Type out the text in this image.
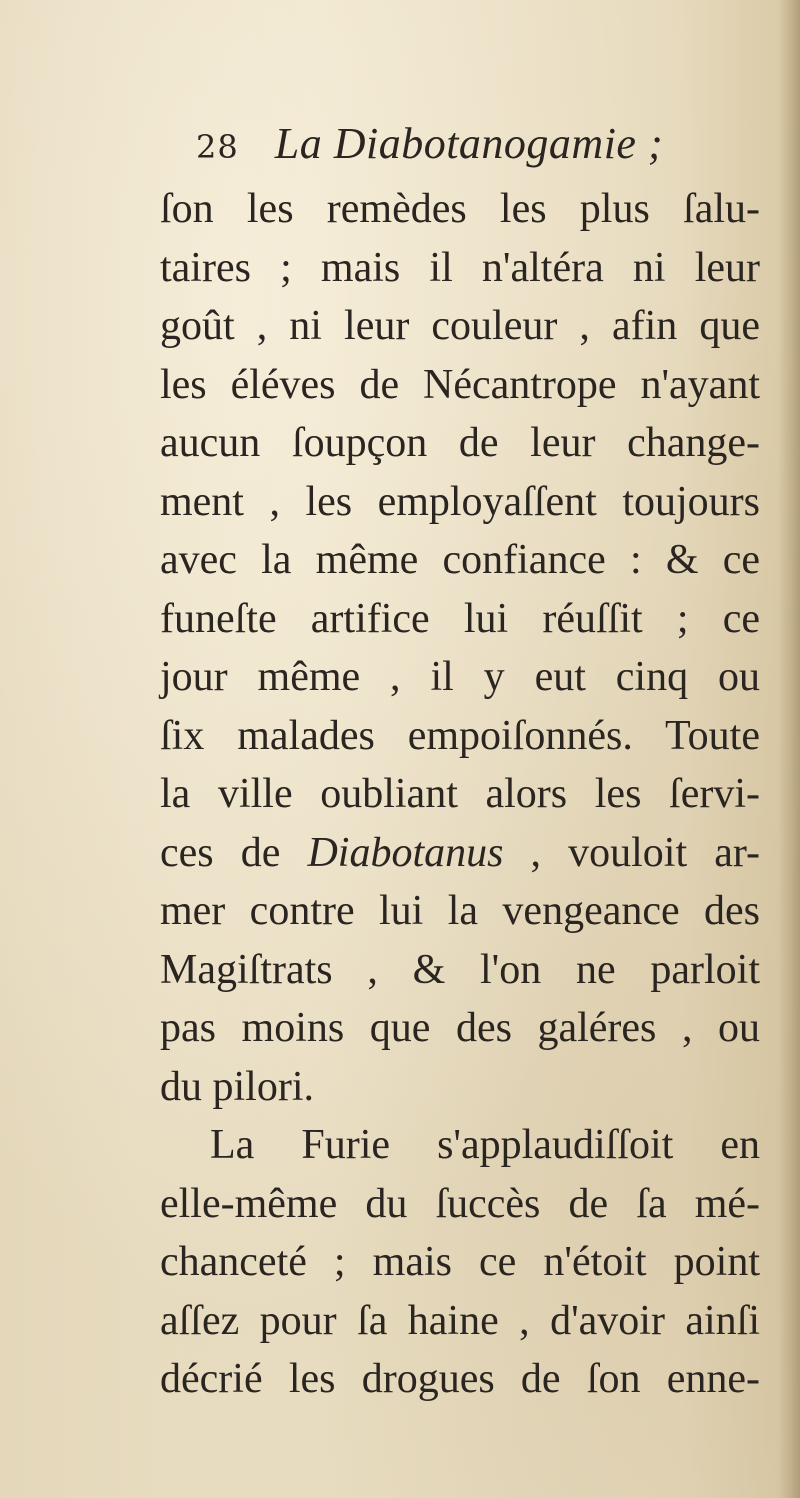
28 La Diabotanogamie ;
ſon les remèdes les plus ſalu-
taires ; mais il n'altéra ni leur
goût , ni leur couleur , afin que
les éléves de Nécantrope n'ayant
aucun ſoupçon de leur change-
ment , les employaſſent toujours
avec la même confiance : & ce
funeſte artifice lui réuſſit ; ce
jour même , il y eut cinq ou
ſix malades empoiſonnés. Toute
la ville oubliant alors les ſervi-
ces de Diabotanus , vouloit ar-
mer contre lui la vengeance des
Magiſtrats , & l'on ne parloit
pas moins que des galéres , ou
du pilori.
La Furie s'applaudiſſoit en
elle-même du ſuccès de ſa mé-
chanceté ; mais ce n'étoit point
aſſez pour ſa haine , d'avoir ainſi
décrié les drogues de ſon enne-
